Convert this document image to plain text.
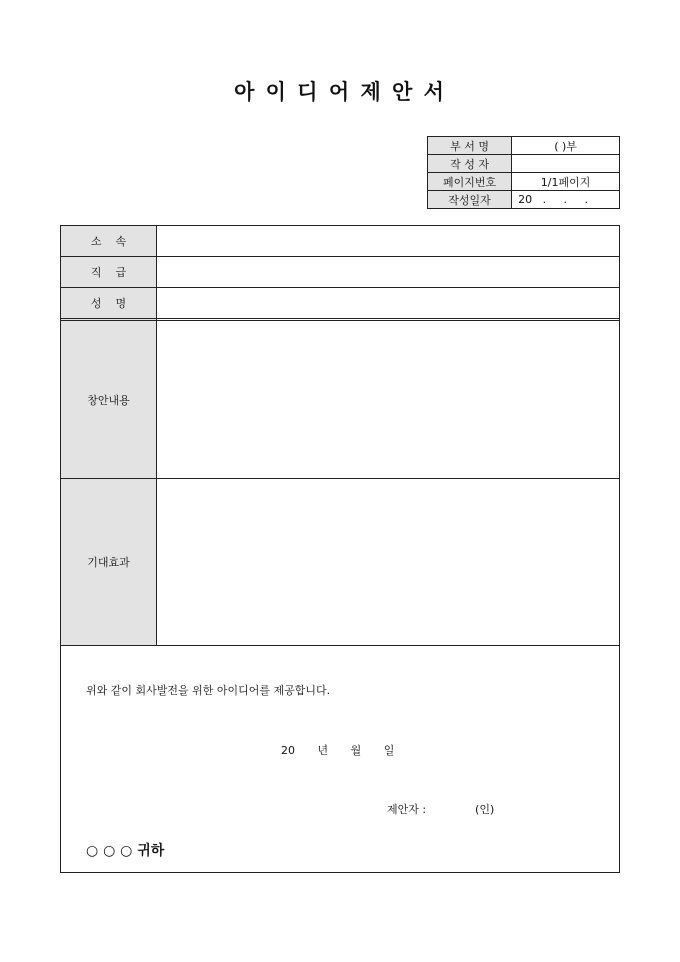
아 이 디 어 제 안 서
부 서 명	( )부
작 성 자	
페이지번호	1/1페이지
작성일자	20   .     .     .
소    속	
직    급	
성    명	

창안내용	
기대효과	

위와 같이 회사발전을 위한 아이디어를 제공합니다.
20   년   월   일
제안자 :              (인)
○ ○ ○ 귀하	
